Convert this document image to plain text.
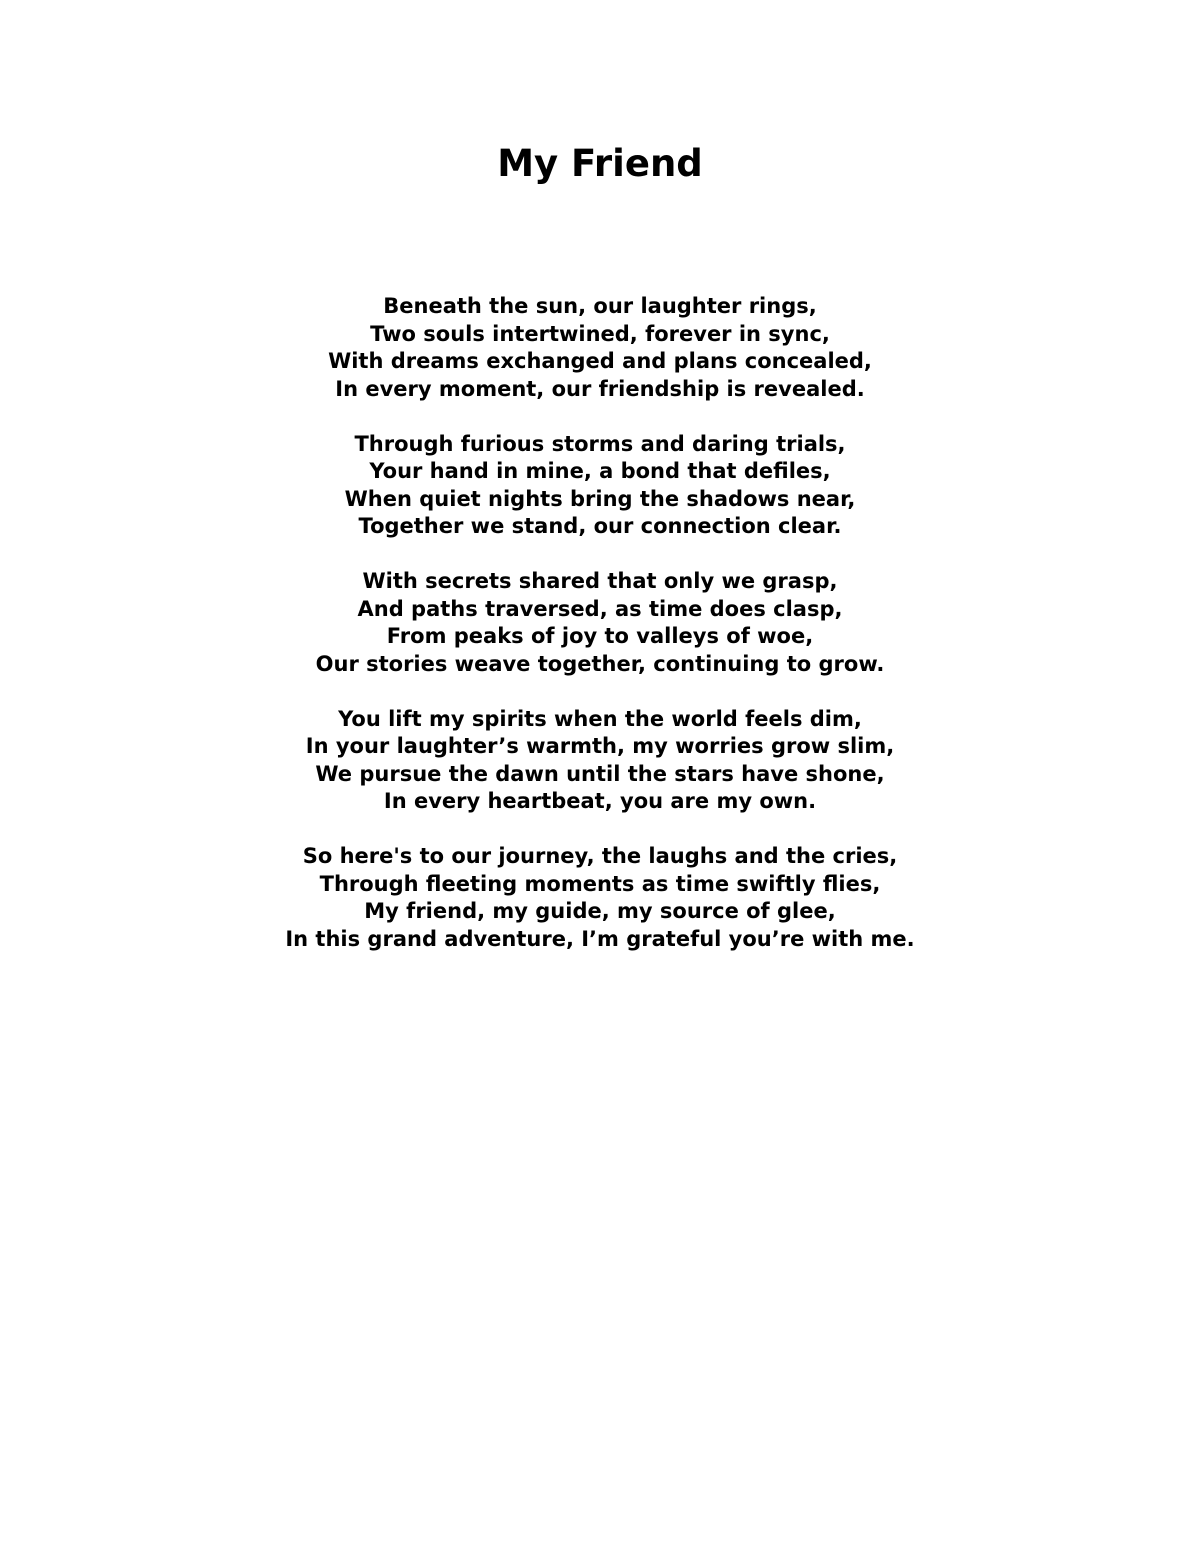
My Friend
Beneath the sun, our laughter rings,
Two souls intertwined, forever in sync,
With dreams exchanged and plans concealed,
In every moment, our friendship is revealed.
Through furious storms and daring trials,
Your hand in mine, a bond that defiles,
When quiet nights bring the shadows near,
Together we stand, our connection clear.
With secrets shared that only we grasp,
And paths traversed, as time does clasp,
From peaks of joy to valleys of woe,
Our stories weave together, continuing to grow.
You lift my spirits when the world feels dim,
In your laughter’s warmth, my worries grow slim,
We pursue the dawn until the stars have shone,
In every heartbeat, you are my own.
So here's to our journey, the laughs and the cries,
Through fleeting moments as time swiftly flies,
My friend, my guide, my source of glee,
In this grand adventure, I’m grateful you’re with me.
